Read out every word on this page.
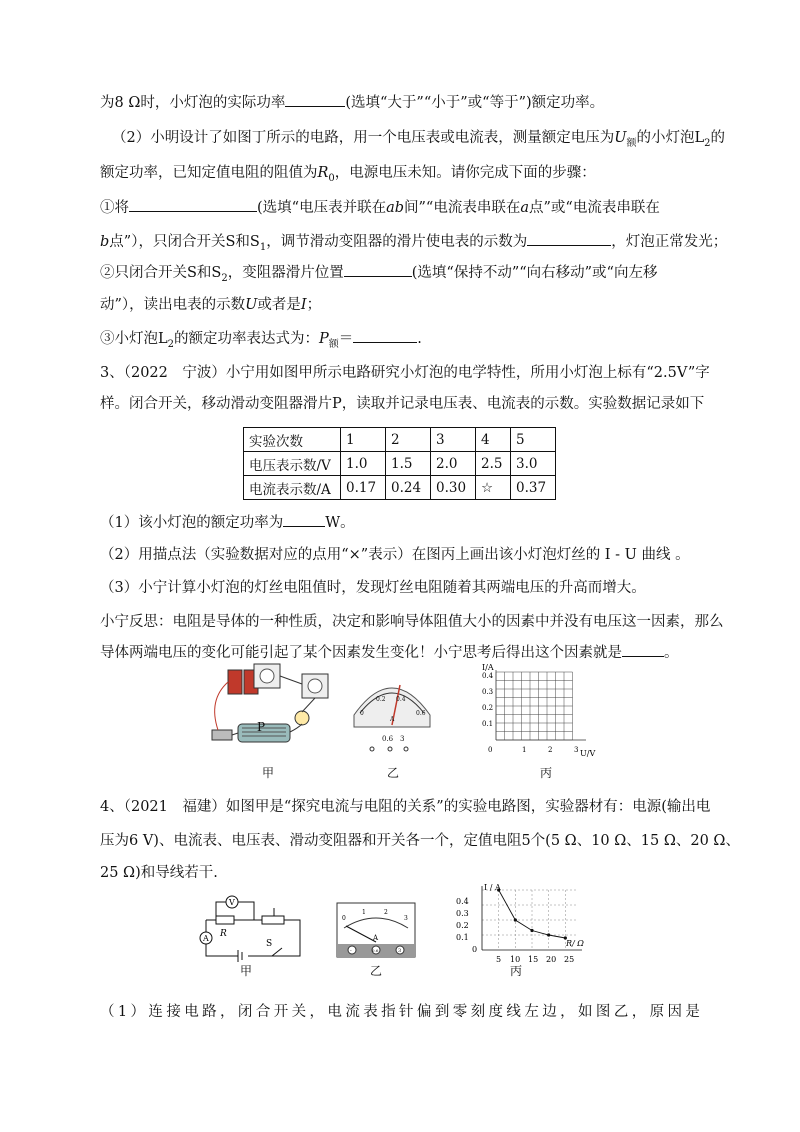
为8 Ω时，小灯泡的实际功率	(选填“大于”“小于”或“等于”)额定功率。
（2）小明设计了如图丁所示的电路，用一个电压表或电流表，测量额定电压为$U_额$的小灯泡$L_2$的
额定功率，已知定值电阻的阻值为$R_0$，电源电压未知。请你完成下面的步骤：
①将	(选填“电压表并联在ab间”“电流表串联在a点”或“电流表串联在
b点”），只闭合开关S和$S_1$，调节滑动变阻器的滑片使电表的示数为	，灯泡正常发光；
②只闭合开关S和$S_2$，变阻器滑片位置	(选填“保持不动”“向右移动”或“向左移
动”），读出电表的示数U或者是I；
③小灯泡$L_2$的额定功率表达式为：$P_额=$	.
3、（2022　宁波）小宁用如图甲所示电路研究小灯泡的电学特性，所用小灯泡上标有“2.5V”字
样。闭合开关，移动滑动变阻器滑片P，读取并记录电压表、电流表的示数。实验数据记录如下
实验次数	1	2	3	4	5
电压表示数/V	1.0	1.5	2.0	2.5	3.0
电流表示数/A	0.17	0.24	0.30	☆	0.37
（1）该小灯泡的额定功率为	W。
（2）用描点法（实验数据对应的点用“×”表示）在图丙上画出该小灯泡灯丝的 I - U 曲线 。
（3）小宁计算小灯泡的灯丝电阻值时，发现灯丝电阻随着其两端电压的升高而增大。
小宁反思：电阻是导体的一种性质，决定和影响导体阻值大小的因素中并没有电压这一因素，那么
导体两端电压的变化可能引起了某个因素发生变化！小宁思考后得出这个因素就是	。
P
甲
0
0.2 0.4
0.6
A
0.6 3
乙
I/A
U/V
0.1
0.2
0.3
0.4
0	1	2	3
丙
4、（2021　福建）如图甲是“探究电流与电阻的关系”的实验电路图，实验器材有：电源(输出电
压为6 V)、电流表、电压表、滑动变阻器和开关各一个，定值电阻5个(5 Ω、10 Ω、15 Ω、20 Ω、
25 Ω)和导线若干.
V
A R
S
甲
0
1	2
3
A
-	0.6	3
乙
I / A
R/ Ω
0.4
0.3
0.2
0.1
0
5 10 15 20 25
丙
（1）连接电路，闭合开关，电流表指针偏到零刻度线左边，如图乙，原因是
